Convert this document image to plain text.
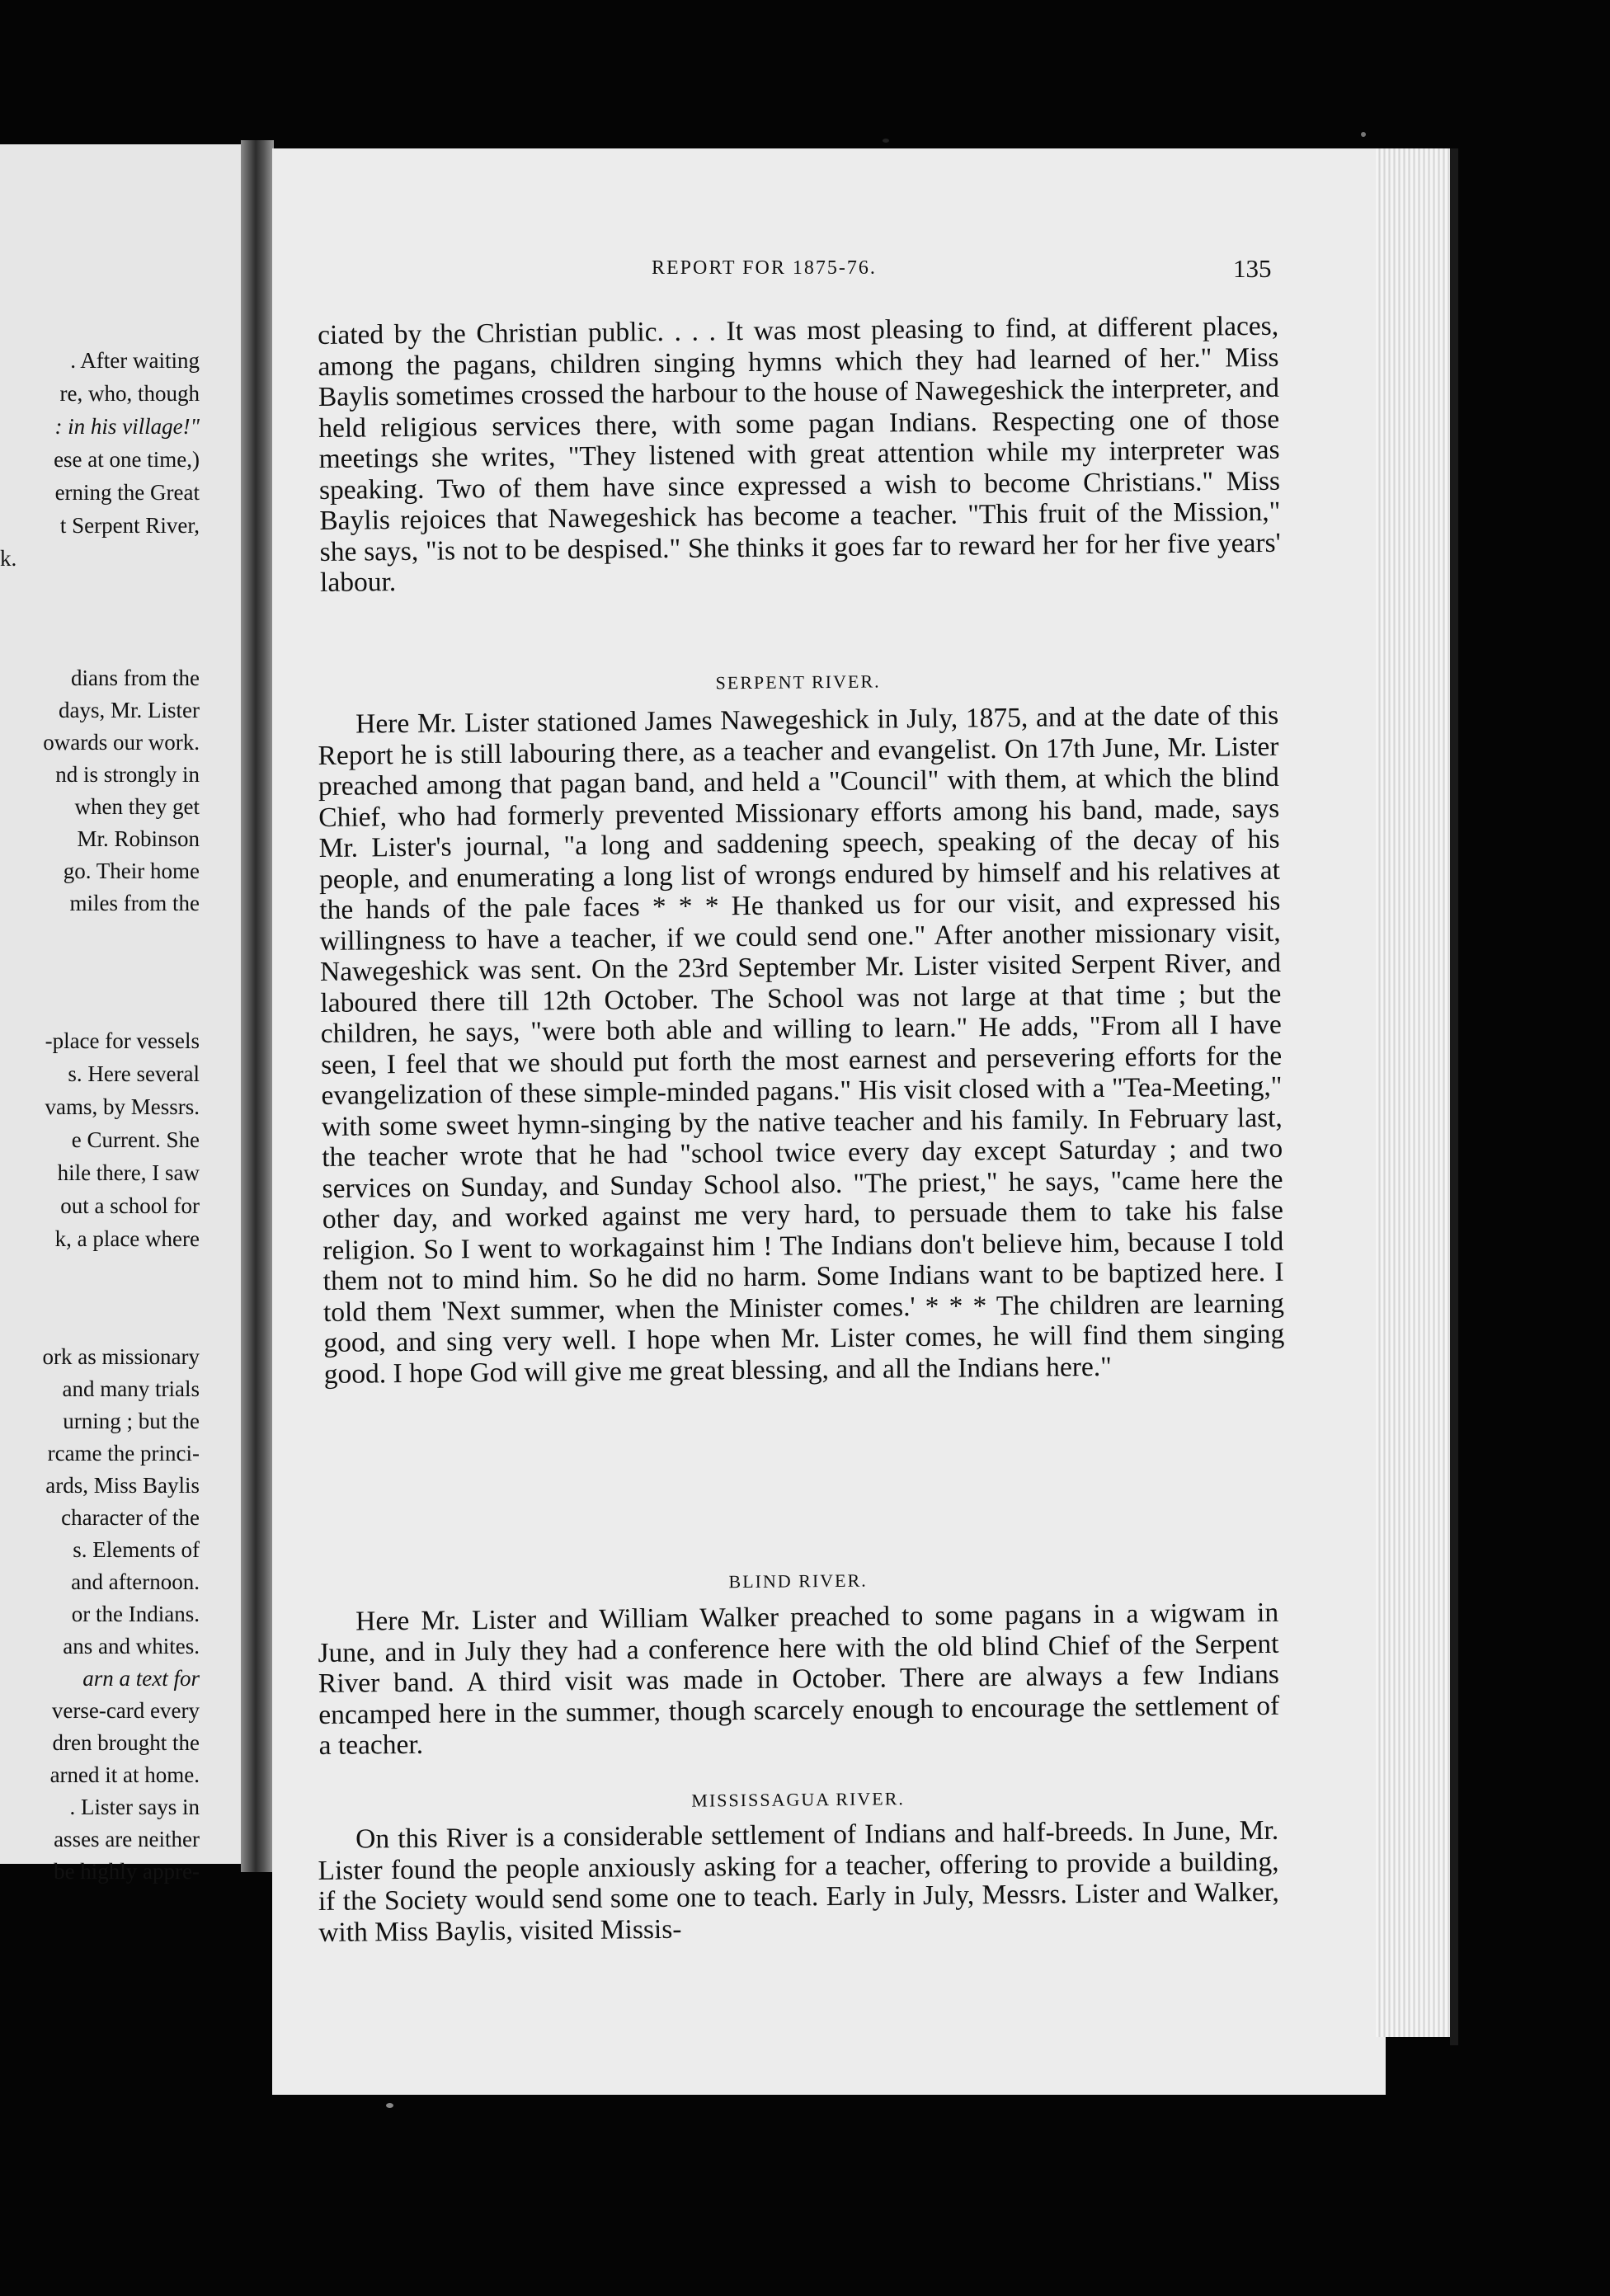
. After waiting
re, who, though
: in his village!"
ese at one time,)
erning the Great
t Serpent River,
k.
dians from the
days, Mr. Lister
owards our work.
nd is strongly in
when they get
Mr. Robinson
go. Their home
miles from the
-place for vessels
s. Here several
vams, by Messrs.
e Current. She
hile there, I saw
out a school for
k, a place where
ork as missionary
and many trials
urning ; but the
rcame the princi-
ards, Miss Baylis
character of the
s. Elements of
and afternoon.
or the Indians.
ans and whites.
arn a text for
verse-card every
dren brought the
arned it at home.
. Lister says in
asses are neither
be highly appre-
REPORT FOR 1875-76.	135

ciated by the Christian public. . . . It was most pleasing to find, at different places, among the pagans, children singing hymns which they had learned of her." Miss Baylis sometimes crossed the harbour to the house of Nawegeshick the interpreter, and held religious services there, with some pagan Indians. Respecting one of those meetings she writes, "They listened with great attention while my interpreter was speaking. Two of them have since expressed a wish to become Christians." Miss Baylis rejoices that Nawegeshick has become a teacher. "This fruit of the Mission," she says, "is not to be despised." She thinks it goes far to reward her for her five years' labour.

SERPENT RIVER.

Here Mr. Lister stationed James Nawegeshick in July, 1875, and at the date of this Report he is still labouring there, as a teacher and evangelist. On 17th June, Mr. Lister preached among that pagan band, and held a "Council" with them, at which the blind Chief, who had formerly prevented Missionary efforts among his band, made, says Mr. Lister's journal, "a long and saddening speech, speaking of the decay of his people, and enumerating a long list of wrongs endured by himself and his relatives at the hands of the pale faces * * * He thanked us for our visit, and expressed his willingness to have a teacher, if we could send one." After another missionary visit, Nawegeshick was sent. On the 23rd September Mr. Lister visited Serpent River, and laboured there till 12th October. The School was not large at that time ; but the children, he says, "were both able and willing to learn." He adds, "From all I have seen, I feel that we should put forth the most earnest and persevering efforts for the evangelization of these simple-minded pagans." His visit closed with a "Tea-Meeting," with some sweet hymn-singing by the native teacher and his family. In February last, the teacher wrote that he had "school twice every day except Saturday ; and two services on Sunday, and Sunday School also. "The priest," he says, "came here the other day, and worked against me very hard, to persuade them to take his false religion. So I went to workagainst him ! The Indians don't believe him, because I told them not to mind him. So he did no harm. Some Indians want to be baptized here. I told them 'Next summer, when the Minister comes.' * * * The children are learning good, and sing very well. I hope when Mr. Lister comes, he will find them singing good. I hope God will give me great blessing, and all the Indians here."

BLIND RIVER.

Here Mr. Lister and William Walker preached to some pagans in a wigwam in June, and in July they had a conference here with the old blind Chief of the Serpent River band. A third visit was made in October. There are always a few Indians encamped here in the summer, though scarcely enough to encourage the settlement of a teacher.

MISSISSAGUA RIVER.

On this River is a considerable settlement of Indians and half-breeds. In June, Mr. Lister found the people anxiously asking for a teacher, offering to provide a building, if the Society would send some one to teach. Early in July, Messrs. Lister and Walker, with Miss Baylis, visited Missis-
